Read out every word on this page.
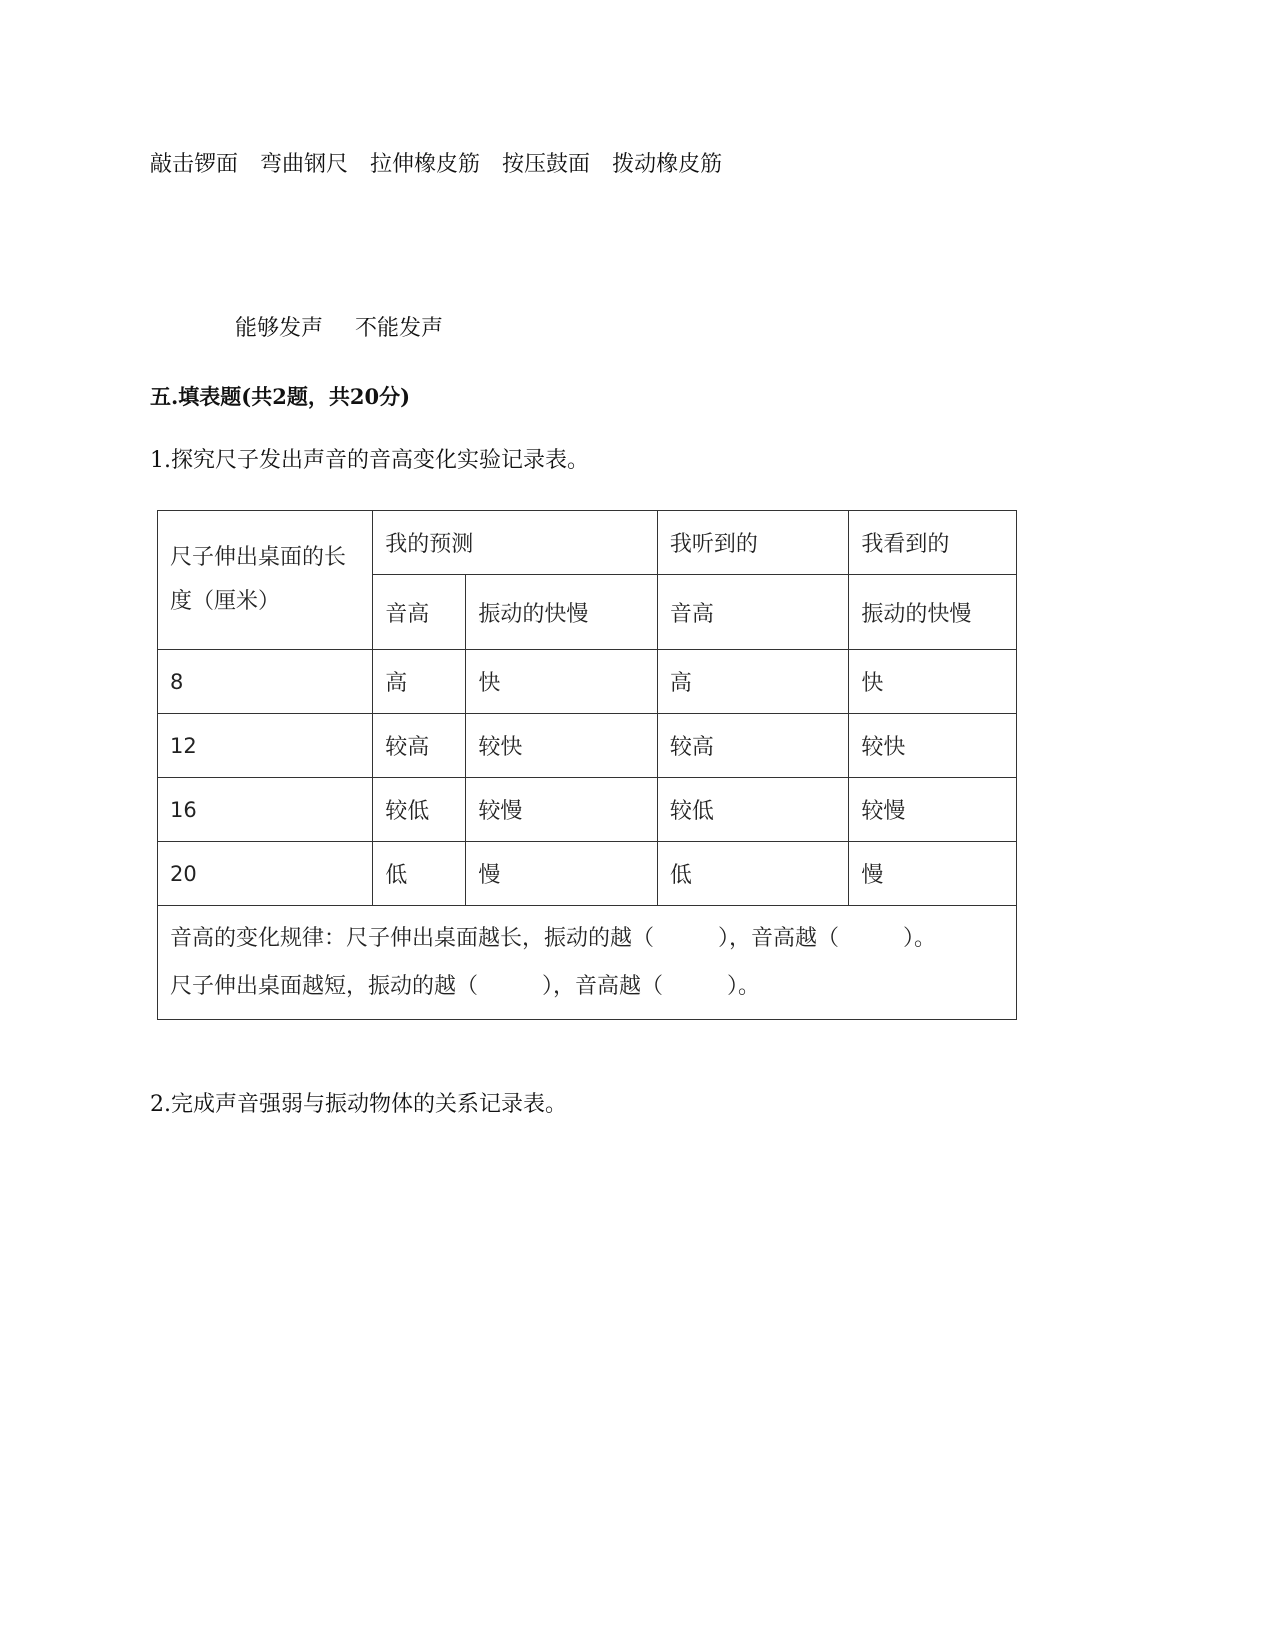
敲击锣面 弯曲钢尺 拉伸橡皮筋 按压鼓面 拨动橡皮筋
能够发声 不能发声
五.填表题(共2题，共20分)
1.探究尺子发出声音的音高变化实验记录表。
尺子伸出桌面的长度（厘米）	我的预测		我听到的	我看到的
	音高	振动的快慢	音高	振动的快慢
8	高	快	高	快
12	较高	较快	较高	较快
16	较低	较慢	较低	较慢
20	低	慢	低	慢

音高的变化规律：尺子伸出桌面越长，振动的越（ ），音高越（ ）。
尺子伸出桌面越短，振动的越（ ），音高越（ ）。				
2.完成声音强弱与振动物体的关系记录表。
